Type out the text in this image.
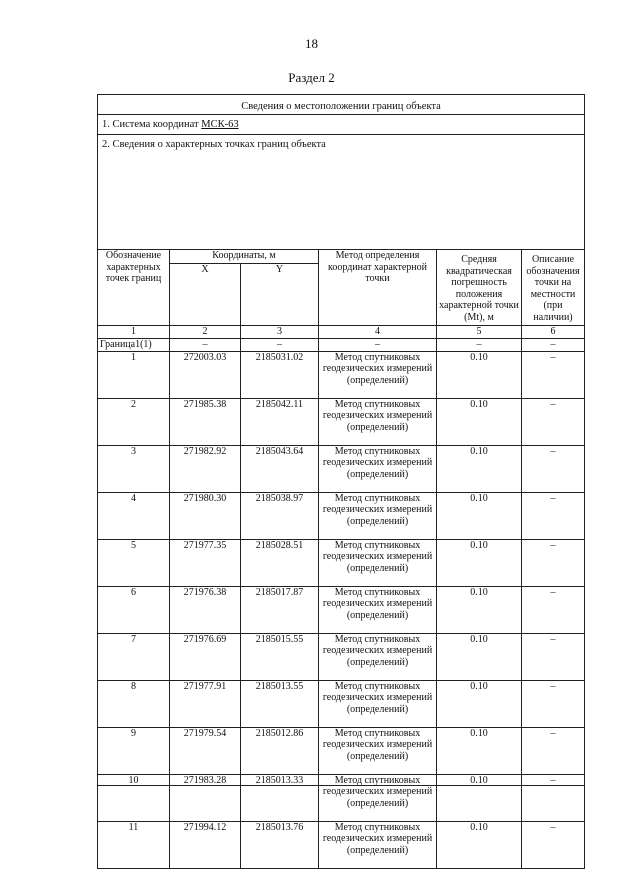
18
Раздел 2
Сведения о местоположении границ объекта
1. Система координат МСК-63
2. Сведения о характерных точках границ объекта
Обозначение характерных точек границ	Координаты, м		Метод определения координат характерной точки	Средняя квадратическая погрешность положения характерной точки (Mt), м	Описание обозначения точки на местности (при наличии)
	X	Y			
1	2	3	4	5	6
Граница1(1)	–	–	–	–	–
1	272003.03	2185031.02	Метод спутниковых геодезических измерений (определений)	0.10	–
2	271985.38	2185042.11	Метод спутниковых геодезических измерений (определений)	0.10	–
3	271982.92	2185043.64	Метод спутниковых геодезических измерений (определений)	0.10	–
4	271980.30	2185038.97	Метод спутниковых геодезических измерений (определений)	0.10	–
5	271977.35	2185028.51	Метод спутниковых геодезических измерений (определений)	0.10	–
6	271976.38	2185017.87	Метод спутниковых геодезических измерений (определений)	0.10	–
7	271976.69	2185015.55	Метод спутниковых геодезических измерений (определений)	0.10	–
8	271977.91	2185013.55	Метод спутниковых геодезических измерений (определений)	0.10	–
9	271979.54	2185012.86	Метод спутниковых геодезических измерений (определений)	0.10	–
10	271983.28	2185013.33	Метод спутниковых геодезических измерений (определений)	0.10	–
11	271994.12	2185013.76	Метод спутниковых геодезических измерений (определений)	0.10	–
